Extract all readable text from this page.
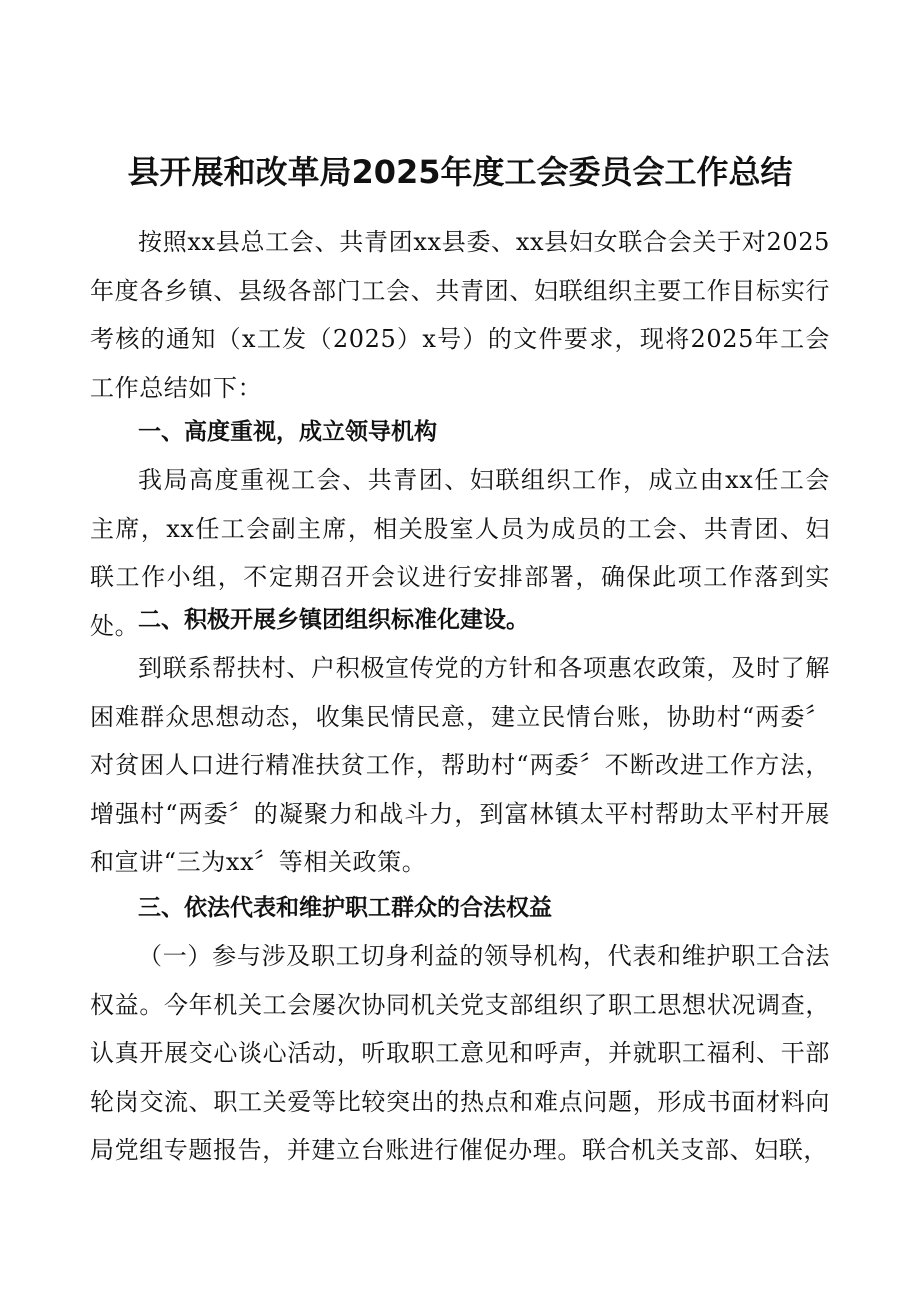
县开展和改革局2025年度工会委员会工作总结

按照xx县总工会、共青团xx县委、xx县妇女联合会关于对2025年度各乡镇、县级各部门工会、共青团、妇联组织主要工作目标实行考核的通知（x工发（2025）x号）的文件要求，现将2025年工会工作总结如下：

一、高度重视，成立领导机构

我局高度重视工会、共青团、妇联组织工作，成立由xx任工会主席，xx任工会副主席，相关股室人员为成员的工会、共青团、妇联工作小组，不定期召开会议进行安排部署，确保此项工作落到实处。

二、积极开展乡镇团组织标准化建设。

到联系帮扶村、户积极宣传党的方针和各项惠农政策，及时了解困难群众思想动态，收集民情民意，建立民情台账，协助村“两委〞对贫困人口进行精准扶贫工作，帮助村“两委〞不断改进工作方法，增强村“两委〞的凝聚力和战斗力，到富林镇太平村帮助太平村开展和宣讲“三为xx〞等相关政策。

三、依法代表和维护职工群众的合法权益

（一）参与涉及职工切身利益的领导机构，代表和维护职工合法权益。今年机关工会屡次协同机关党支部组织了职工思想状况调查，认真开展交心谈心活动，听取职工意见和呼声，并就职工福利、干部轮岗交流、职工关爱等比较突出的热点和难点问题，形成书面材料向局党组专题报告，并建立台账进行催促办理。联合机关支部、妇联，
